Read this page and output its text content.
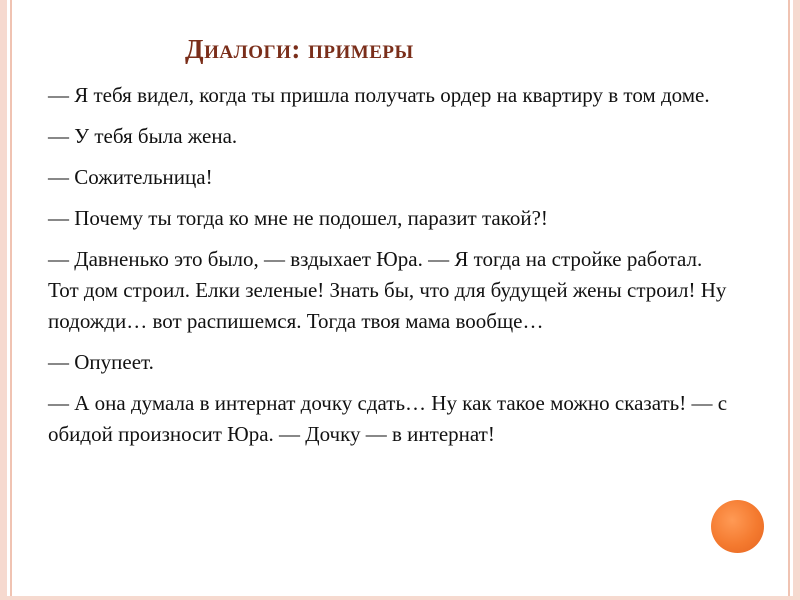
Диалоги: примеры
— Я тебя видел, когда ты пришла получать ордер на квартиру в том доме.
— У тебя была жена.
— Сожительница!
— Почему ты тогда ко мне не подошел, паразит такой?!
— Давненько это было, — вздыхает Юра. — Я тогда на стройке работал. Тот дом строил. Елки зеленые! Знать бы, что для будущей жены строил! Ну подожди… вот распишемся. Тогда твоя мама вообще…
— Опупеет.
— А она думала в интернат дочку сдать… Ну как такое можно сказать! — с обидой произносит Юра. — Дочку — в интернат!
